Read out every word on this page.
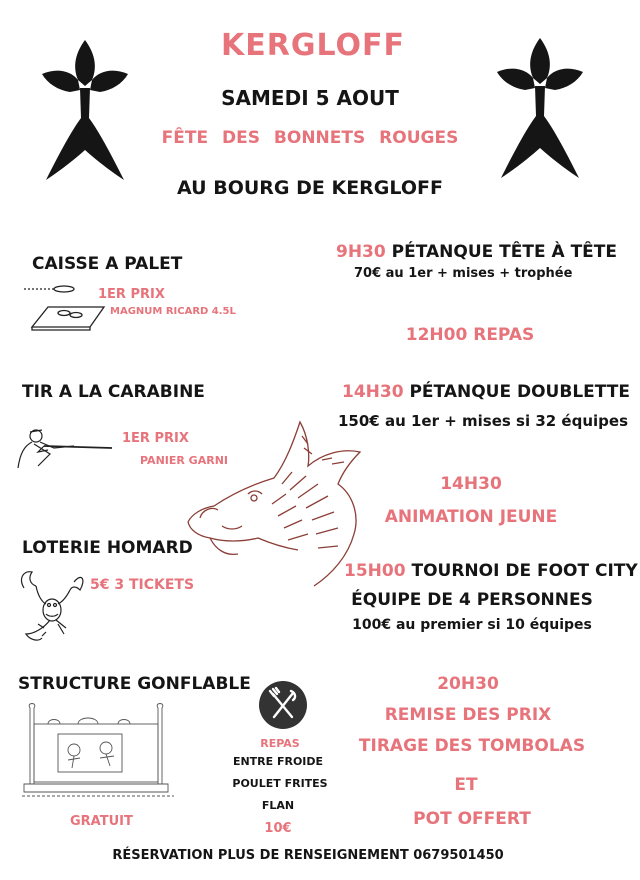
KERGLOFF
SAMEDI 5 AOUT
FÊTE DES BONNETS ROUGES
AU BOURG DE KERGLOFF
CAISSE A PALET
1ER PRIX
MAGNUM RICARD 4.5L
TIR A LA CARABINE
1ER PRIX
PANIER GARNI
LOTERIE HOMARD
5€ 3 TICKETS
STRUCTURE GONFLABLE
GRATUIT
9H30 PÉTANQUE TÊTE À TÊTE
70€ au 1er + mises + trophée
12H00 REPAS
14H30 PÉTANQUE DOUBLETTE
150€ au 1er + mises si 32 équipes
14H30
ANIMATION JEUNE
15H00 TOURNOI DE FOOT CITY
ÉQUIPE DE 4 PERSONNES
100€ au premier si 10 équipes
20H30
REMISE DES PRIX
TIRAGE DES TOMBOLAS
ET
POT OFFERT
REPAS
ENTRE FROIDE
POULET FRITES
FLAN
10€
RÉSERVATION PLUS DE RENSEIGNEMENT 0679501450
